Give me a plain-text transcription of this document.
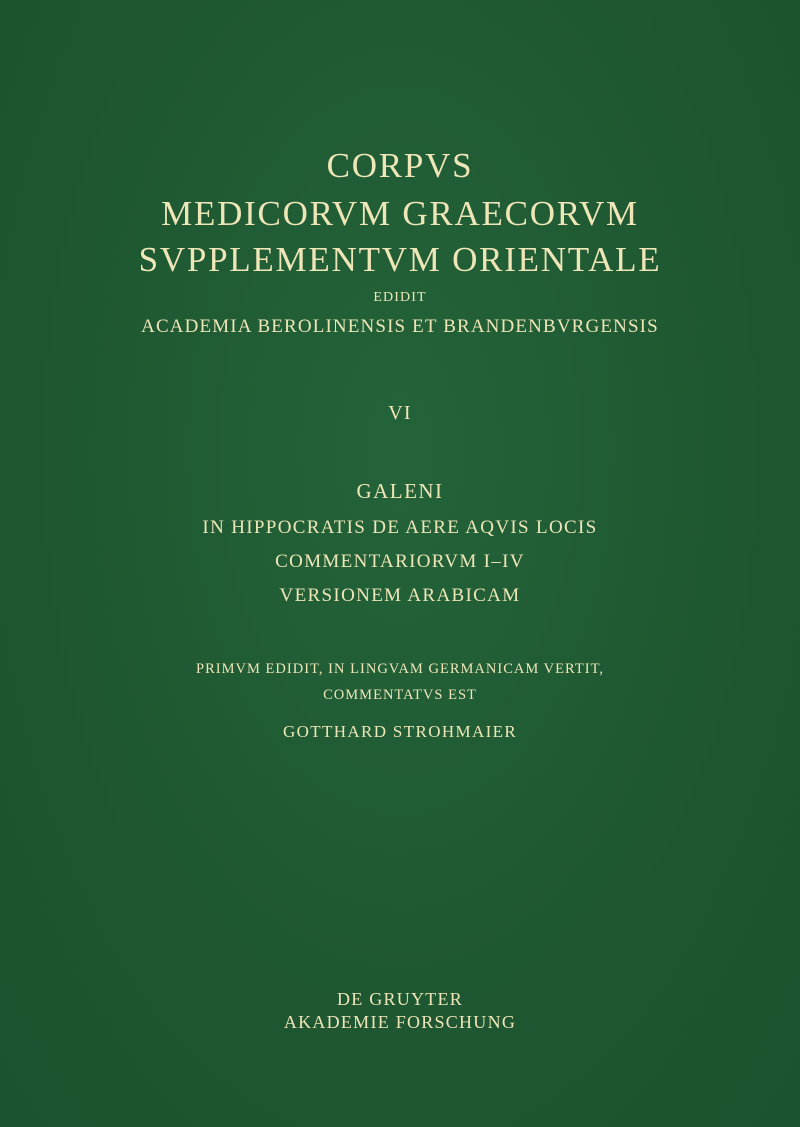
CORPVS
MEDICORVM GRAECORVM
SVPPLEMENTVM ORIENTALE
EDIDIT
ACADEMIA BEROLINENSIS ET BRANDENBVRGENSIS
VI
GALENI
IN HIPPOCRATIS DE AERE AQVIS LOCIS
COMMENTARIORVM I–IV
VERSIONEM ARABICAM
PRIMVM EDIDIT, IN LINGVAM GERMANICAM VERTIT,
COMMENTATVS EST
GOTTHARD STROHMAIER
DE GRUYTER
AKADEMIE FORSCHUNG
